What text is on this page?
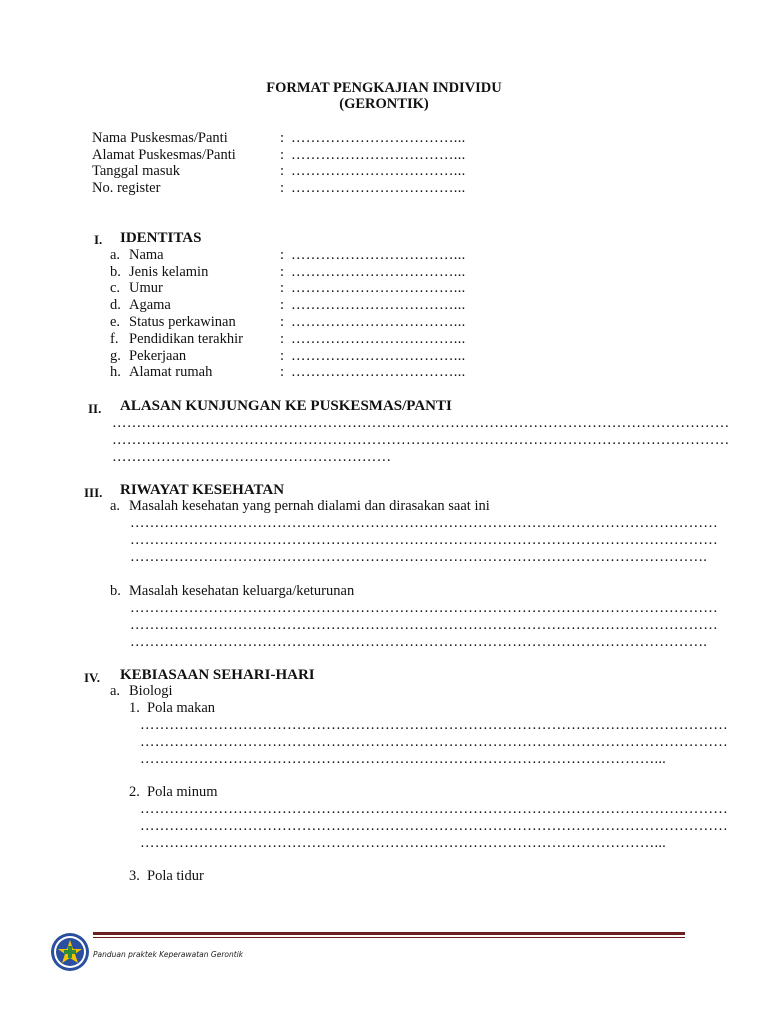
FORMAT PENGKAJIAN INDIVIDU
(GERONTIK)
Nama Puskesmas/Panti	: ……………………………...
Alamat Puskesmas/Panti	: ……………………………...
Tanggal masuk	: ……………………………...
No. register	: ……………………………...
I. IDENTITAS
a. Nama	: ……………………………...
b. Jenis kelamin	: ……………………………...
c. Umur	: ……………………………...
d. Agama	: ……………………………...
e. Status perkawinan	: ……………………………...
f. Pendidikan terakhir	: ……………………………...
g. Pekerjaan	: ……………………………...
h. Alamat rumah	: ……………………………...
II. ALASAN KUNJUNGAN KE PUSKESMAS/PANTI
………………………………………………………………………………………………………………
………………………………………………………………………………………………………………
…………………………………………………
III. RIWAYAT KESEHATAN
a. Masalah kesehatan yang pernah dialami dan dirasakan saat ini
…………………………………………………………………………………………………………
…………………………………………………………………………………………………………
……………………………………………………………………………………………………….
b. Masalah kesehatan keluarga/keturunan
…………………………………………………………………………………………………………
…………………………………………………………………………………………………………
……………………………………………………………………………………………………….
IV. KEBIASAAN SEHARI-HARI
a. Biologi
1. Pola makan
…………………………………………………………………………………………………………
…………………………………………………………………………………………………………
……………………………………………………………………………………………...
2. Pola minum
…………………………………………………………………………………………………………
…………………………………………………………………………………………………………
……………………………………………………………………………………………...
3. Pola tidur
Panduan praktek Keperawatan Gerontik
